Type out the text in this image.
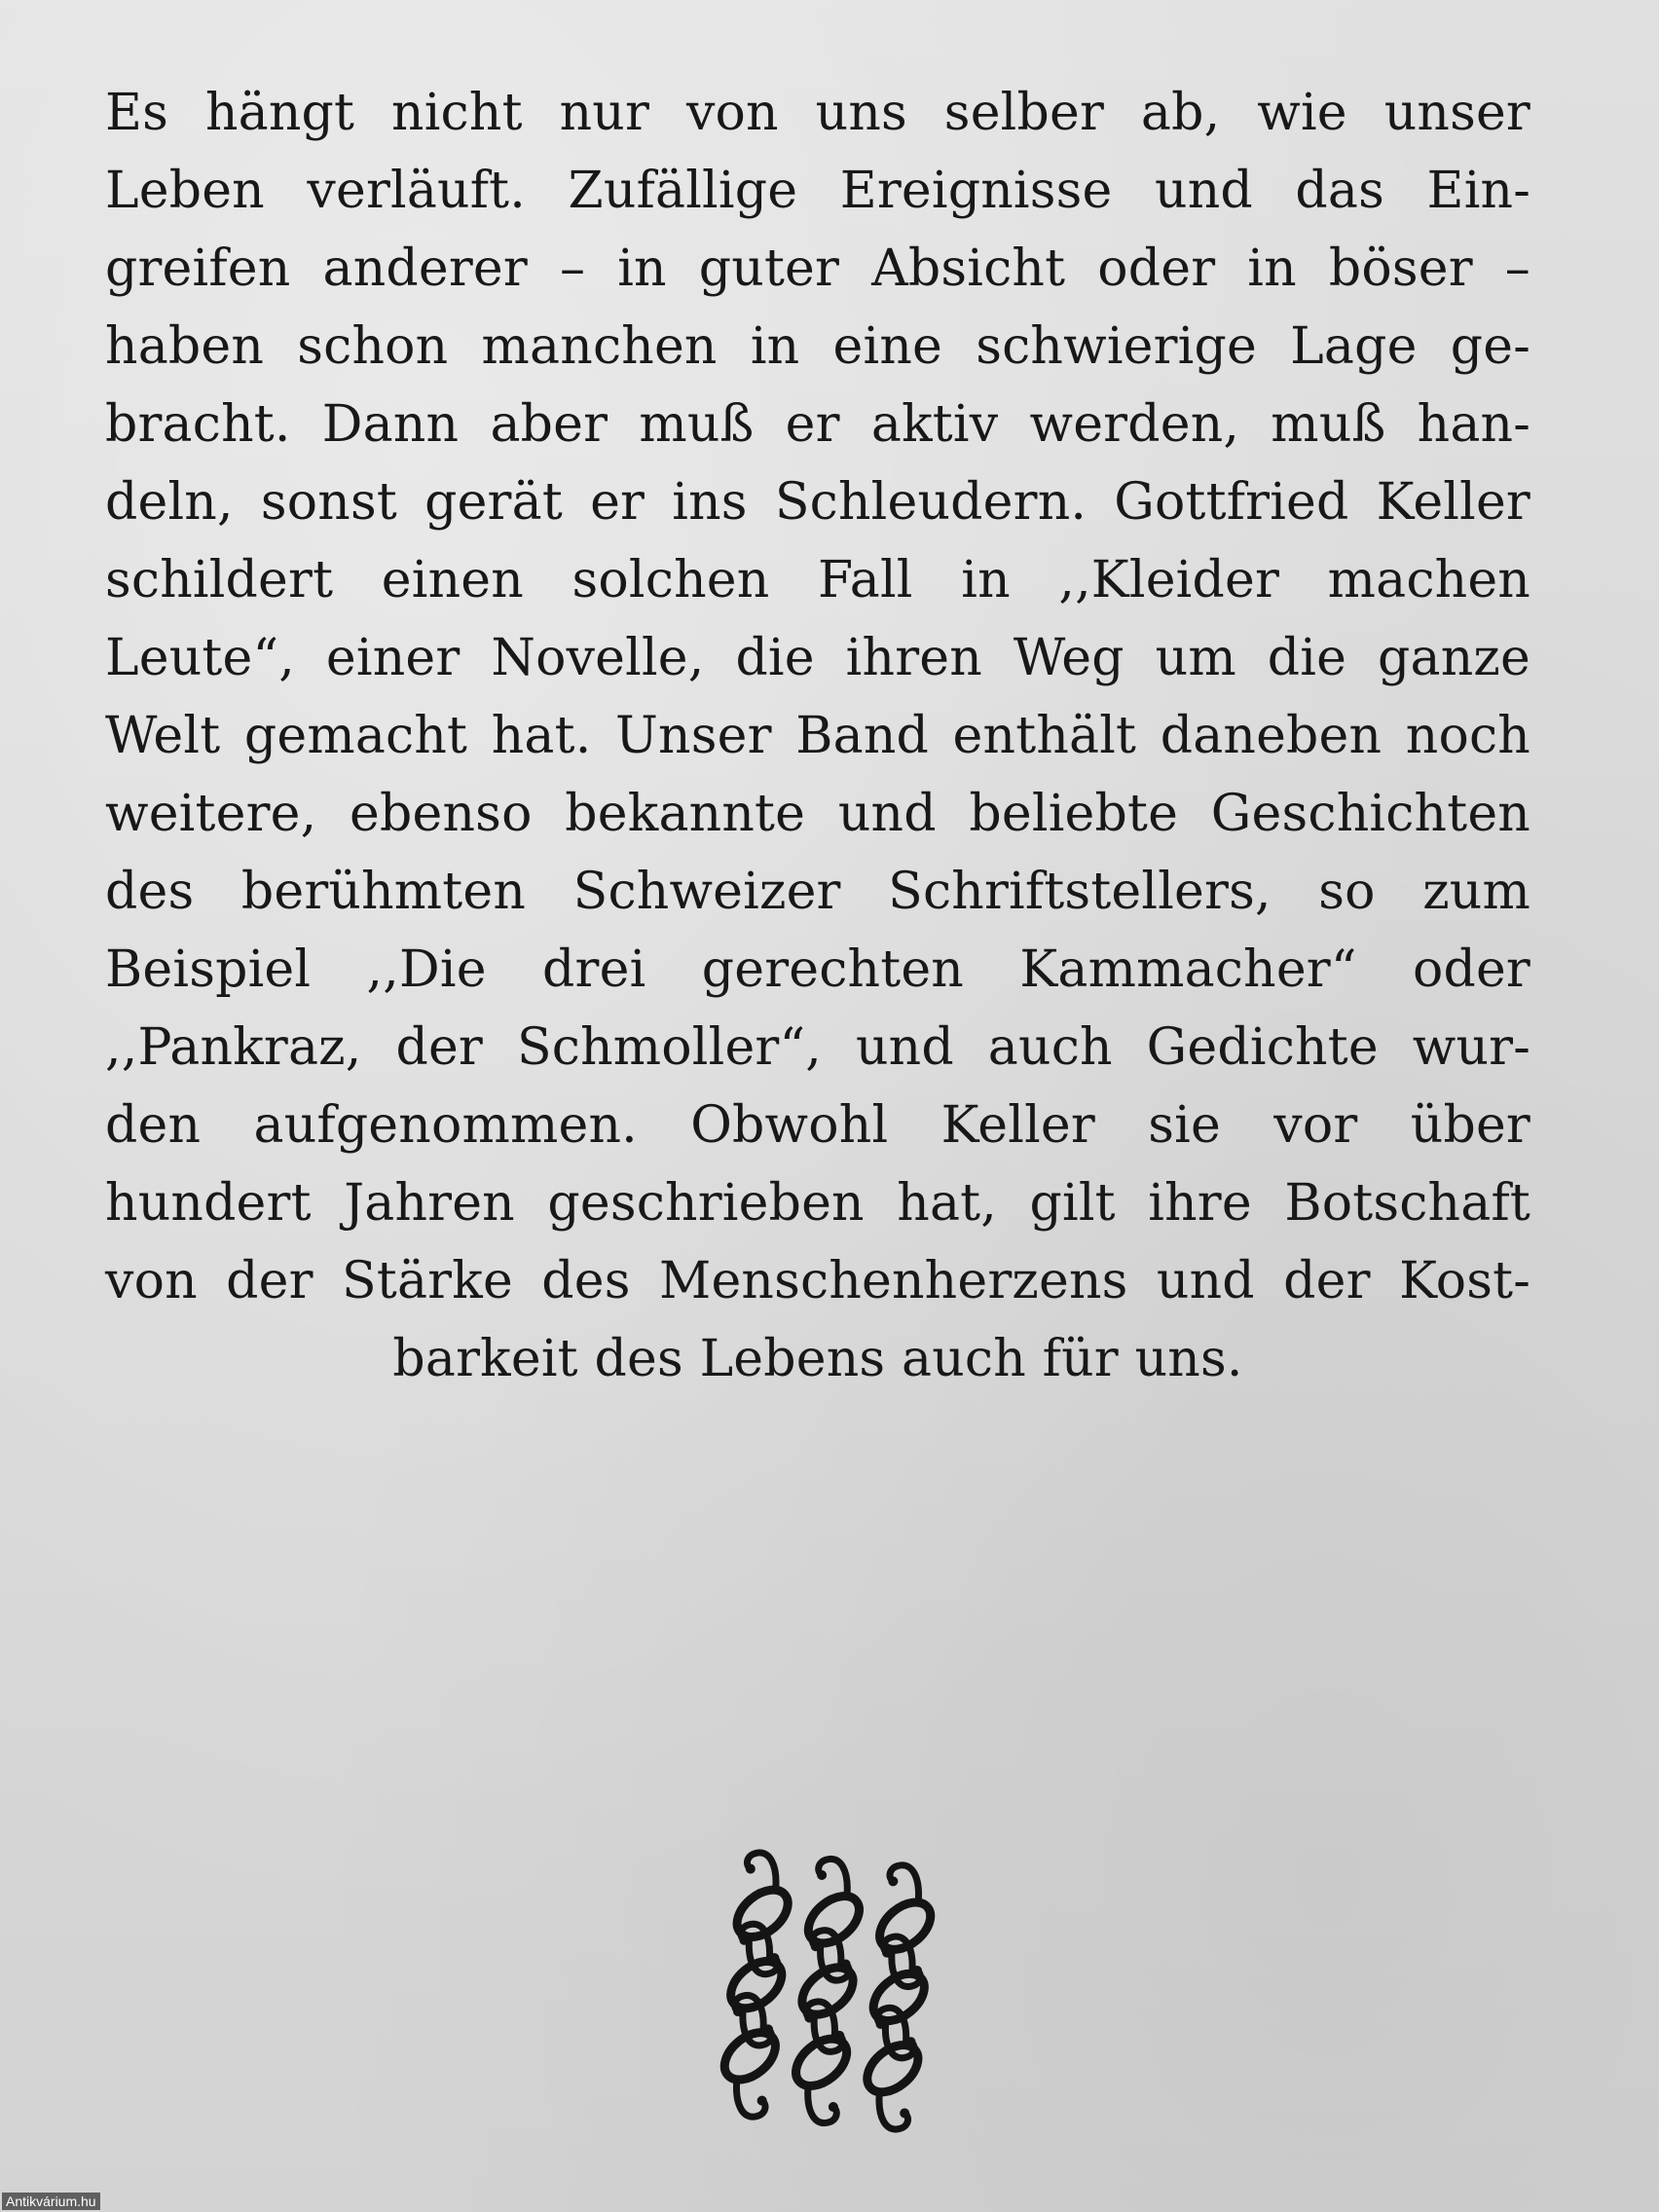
Es hängt nicht nur von uns selber ab, wie unser
Leben verläuft. Zufällige Ereignisse und das Ein-
greifen anderer – in guter Absicht oder in böser –
haben schon manchen in eine schwierige Lage ge-
bracht. Dann aber muß er aktiv werden, muß han-
deln, sonst gerät er ins Schleudern. Gottfried Keller
schildert einen solchen Fall in ,,Kleider machen
Leute“, einer Novelle, die ihren Weg um die ganze
Welt gemacht hat. Unser Band enthält daneben noch
weitere, ebenso bekannte und beliebte Geschichten
des berühmten Schweizer Schriftstellers, so zum
Beispiel ,,Die drei gerechten Kammacher“ oder
,,Pankraz, der Schmoller“, und auch Gedichte wur-
den aufgenommen. Obwohl Keller sie vor über
hundert Jahren geschrieben hat, gilt ihre Botschaft
von der Stärke des Menschenherzens und der Kost-
barkeit des Lebens auch für uns.
Antikvárium.hu
